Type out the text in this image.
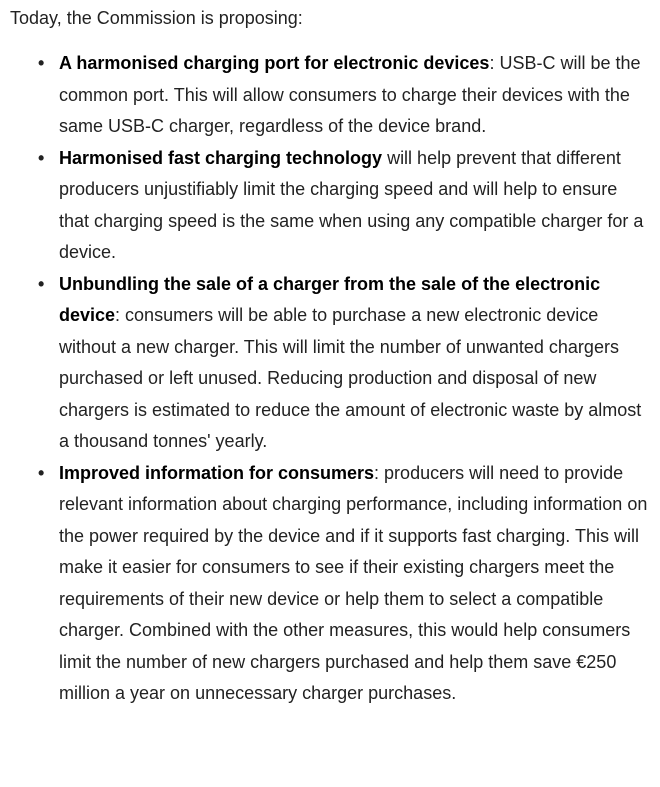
Today, the Commission is proposing:

• A harmonised charging port for electronic devices: USB-C will be the common port. This will allow consumers to charge their devices with the same USB-C charger, regardless of the device brand.
• Harmonised fast charging technology will help prevent that different producers unjustifiably limit the charging speed and will help to ensure that charging speed is the same when using any compatible charger for a device.
• Unbundling the sale of a charger from the sale of the electronic device: consumers will be able to purchase a new electronic device without a new charger. This will limit the number of unwanted chargers purchased or left unused. Reducing production and disposal of new chargers is estimated to reduce the amount of electronic waste by almost a thousand tonnes' yearly.
• Improved information for consumers: producers will need to provide relevant information about charging performance, including information on the power required by the device and if it supports fast charging. This will make it easier for consumers to see if their existing chargers meet the requirements of their new device or help them to select a compatible charger. Combined with the other measures, this would help consumers limit the number of new chargers purchased and help them save €250 million a year on unnecessary charger purchases.
